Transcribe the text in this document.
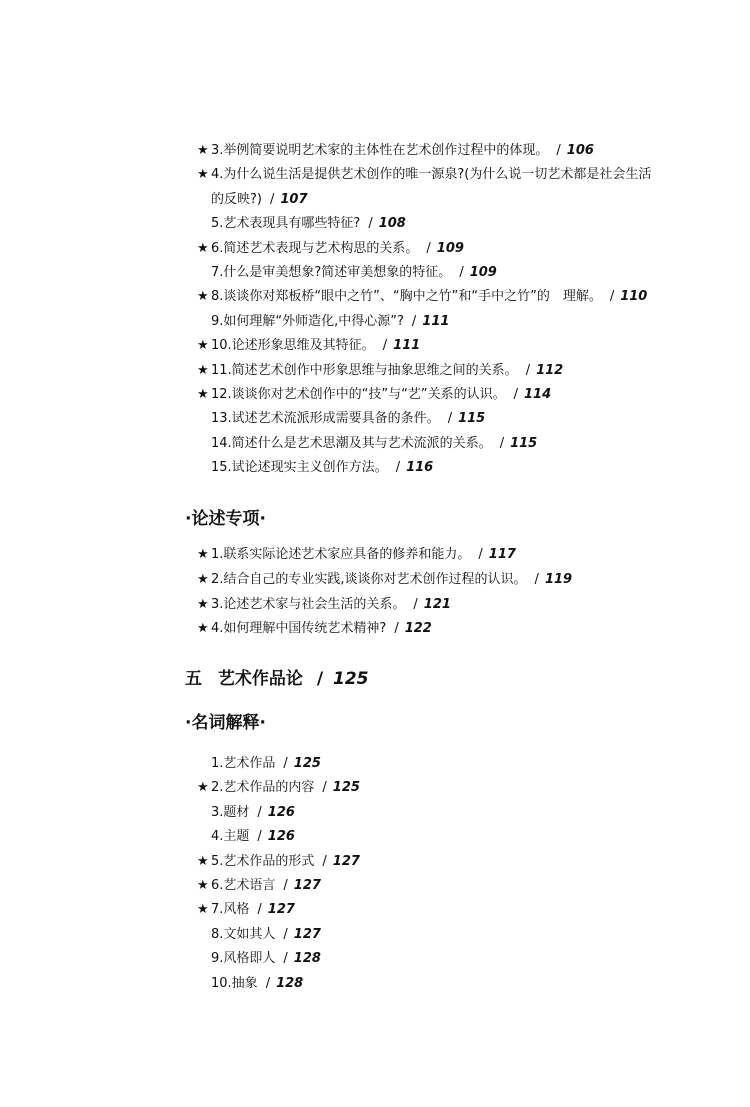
★ 3.举例简要说明艺术家的主体性在艺术创作过程中的体现。 / 106
★ 4.为什么说生活是提供艺术创作的唯一源泉?(为什么说一切艺术都是社会生活
的反映?) / 107
5.艺术表现具有哪些特征? / 108
★ 6.简述艺术表现与艺术构思的关系。 / 109
7.什么是审美想象?简述审美想象的特征。 / 109
★ 8.谈谈你对郑板桥“眼中之竹”、“胸中之竹”和“手中之竹”的　理解。 / 110
9.如何理解“外师造化,中得心源”? / 111
★ 10.论述形象思维及其特征。 / 111
★ 11.简述艺术创作中形象思维与抽象思维之间的关系。 / 112
★ 12.谈谈你对艺术创作中的“技”与“艺”关系的认识。 / 114
13.试述艺术流派形成需要具备的条件。 / 115
14.简述什么是艺术思潮及其与艺术流派的关系。 / 115
15.试论述现实主义创作方法。 / 116
·论述专项·
★ 1.联系实际论述艺术家应具备的修养和能力。 / 117
★ 2.结合自己的专业实践,谈谈你对艺术创作过程的认识。 / 119
★ 3.论述艺术家与社会生活的关系。 / 121
★ 4.如何理解中国传统艺术精神? / 122
五 艺术作品论 / 125
·名词解释·
1.艺术作品 / 125
★ 2.艺术作品的内容 / 125
3.题材 / 126
4.主题 / 126
★ 5.艺术作品的形式 / 127
★ 6.艺术语言 / 127
★ 7.风格 / 127
8.文如其人 / 127
9.风格即人 / 128
10.抽象 / 128
